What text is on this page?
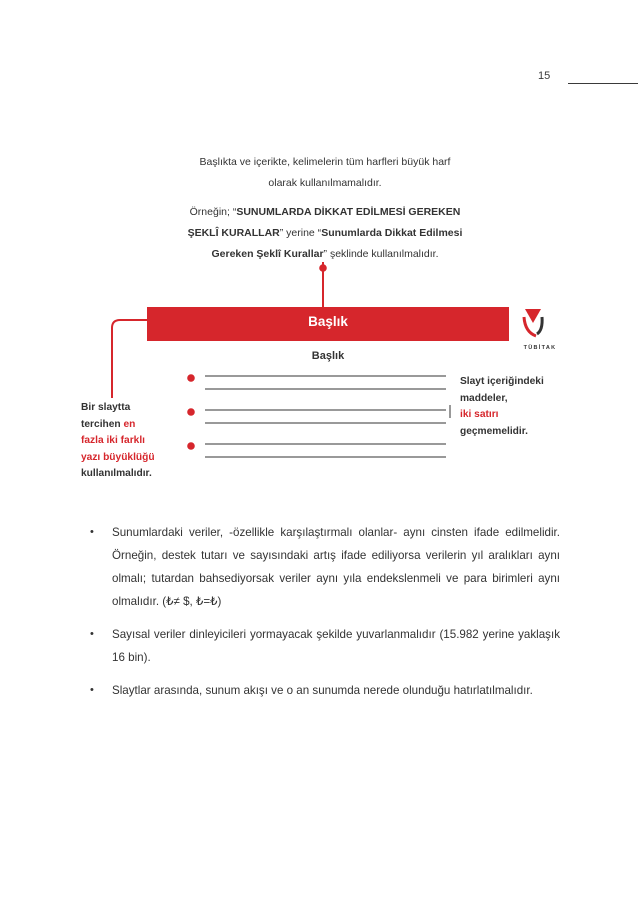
15
Başlıkta ve içerikte, kelimelerin tüm harfleri büyük harf
olarak kullanılmamalıdır.
Örneğin; “SUNUMLARDA DİKKAT EDİLMESİ GEREKEN
ŞEKLÎ KURALLAR” yerine “Sunumlarda Dikkat Edilmesi
Gereken Şeklî Kurallar” şeklinde kullanılmalıdır.
Başlık
Başlık
TÜBİTAK
Bir slaytta
tercihen en
fazla iki farklı
yazı büyüklüğü
kullanılmalıdır.
Slayt içeriğindeki
maddeler,
iki satırı
geçmemelidir.
• Sunumlardaki veriler, -özellikle karşılaştırmalı olanlar- aynı cinsten ifade edilmelidir. Örneğin, destek tutarı ve sayısındaki artış ifade ediliyorsa verilerin yıl aralıkları aynı olmalı; tutardan bahsediyorsak veriler aynı yıla endekslenmeli ve para birimleri aynı olmalıdır. (₺≠ $, ₺=₺)
• Sayısal veriler dinleyicileri yormayacak şekilde yuvarlanmalıdır (15.982 yerine yaklaşık 16 bin).
• Slaytlar arasında, sunum akışı ve o an sunumda nerede olunduğu hatırlatılmalıdır.
